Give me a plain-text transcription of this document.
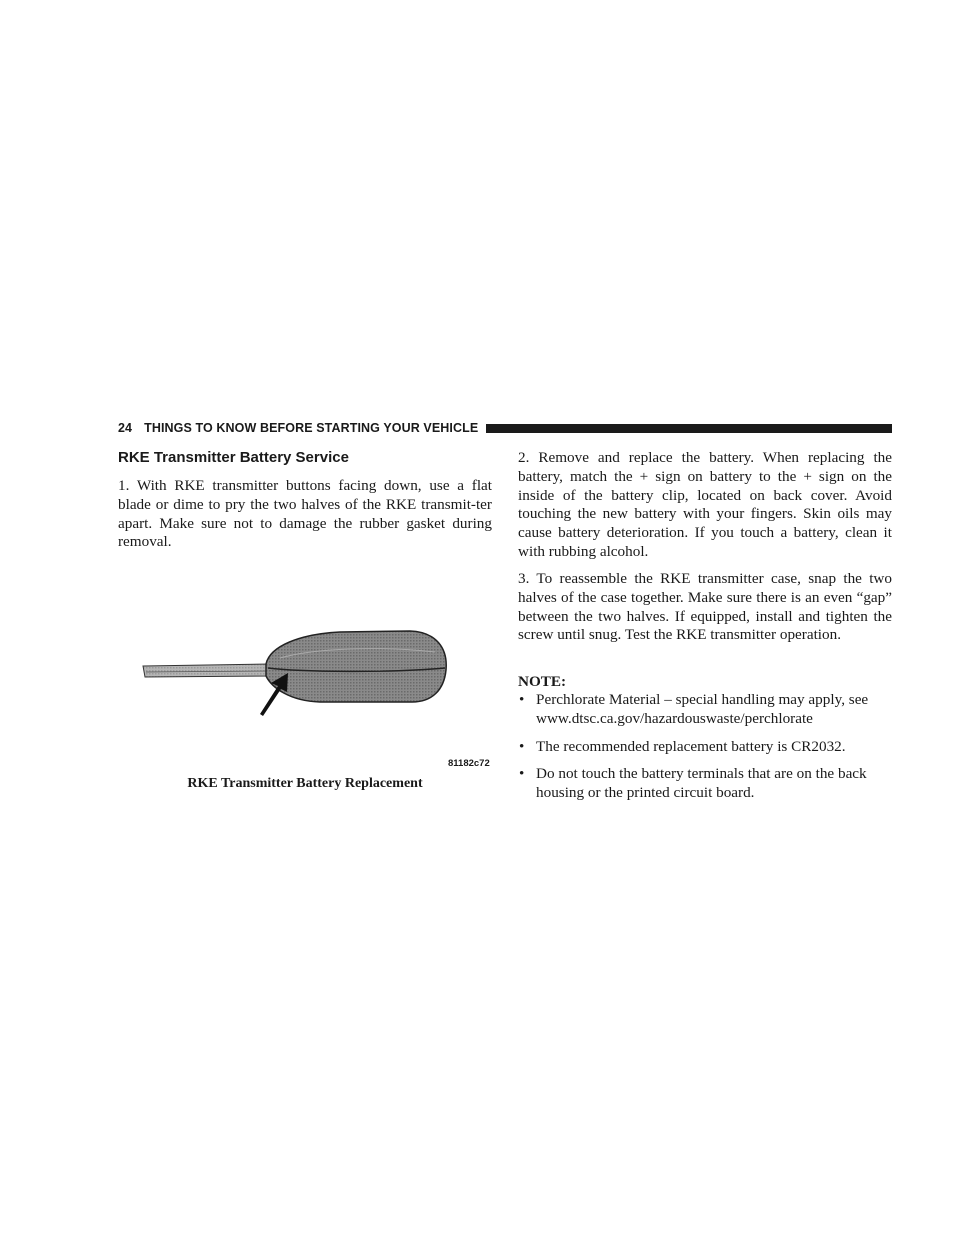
24 THINGS TO KNOW BEFORE STARTING YOUR VEHICLE
RKE Transmitter Battery Service

1. With RKE transmitter buttons facing down, use a flat blade or dime to pry the two halves of the RKE transmit-ter apart. Make sure not to damage the rubber gasket during removal.

81182c72

RKE Transmitter Battery Replacement

2. Remove and replace the battery. When replacing the battery, match the + sign on battery to the + sign on the inside of the battery clip, located on back cover. Avoid touching the new battery with your fingers. Skin oils may cause battery deterioration. If you touch a battery, clean it with rubbing alcohol.

3. To reassemble the RKE transmitter case, snap the two halves of the case together. Make sure there is an even “gap” between the two halves. If equipped, install and tighten the screw until snug. Test the RKE transmitter operation.

NOTE:

• Perchlorate Material – special handling may apply, see www.dtsc.ca.gov/hazardouswaste/perchlorate
• The recommended replacement battery is CR2032.
• Do not touch the battery terminals that are on the back housing or the printed circuit board.
